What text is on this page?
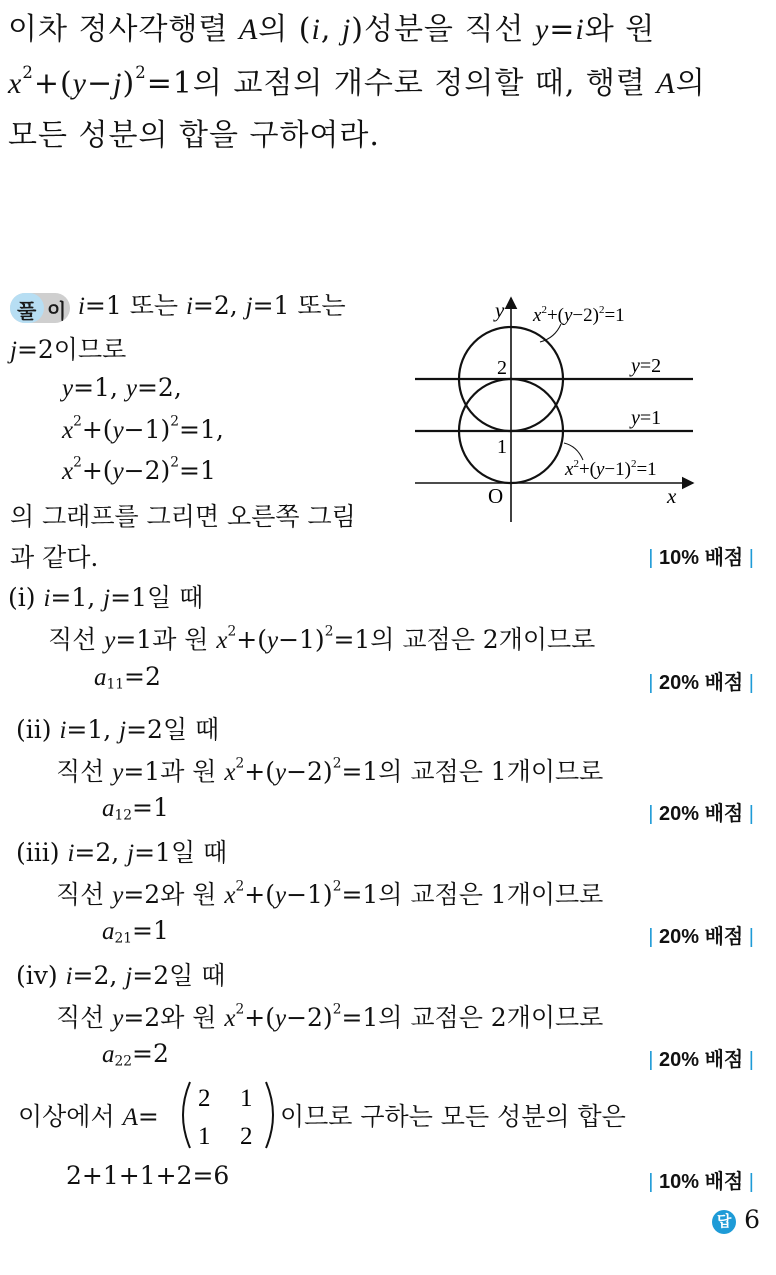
이차 정사각행렬 A의 (i, j)성분을 직선 y=i와 원
$x^2+(y-j)^2=1$의 교점의 개수로 정의할 때, 행렬 A의
모든 성분의 합을 구하여라.
풀 이 i=1 또는 i=2, j=1 또는
j=2이므로
y=1, y=2,
$x^2+(y-1)^2=1$,
$x^2+(y-2)^2=1$
의 그래프를 그리면 오른쪽 그림
과 같다.	| 10% 배점 |
y
x
O
2
1
y=2
y=1
$x^2+(y-2)^2=1$
$x^2+(y-1)^2=1$
(i) i=1, j=1일 때
직선 y=1과 원 $x^2+(y-1)^2=1$의 교점은 2개이므로
$a_{11}=2$	| 20% 배점 |
(ii) i=1, j=2일 때
직선 y=1과 원 $x^2+(y-2)^2=1$의 교점은 1개이므로
$a_{12}=1$	| 20% 배점 |
(iii) i=2, j=1일 때
직선 y=2와 원 $x^2+(y-1)^2=1$의 교점은 1개이므로
$a_{21}=1$	| 20% 배점 |
(iv) i=2, j=2일 때
직선 y=2와 원 $x^2+(y-2)^2=1$의 교점은 2개이므로
$a_{22}=2$	| 20% 배점 |
이상에서 A=
2 1
1 2
이므로 구하는 모든 성분의 합은
2+1+1+2=6	| 10% 배점 |
답 6
